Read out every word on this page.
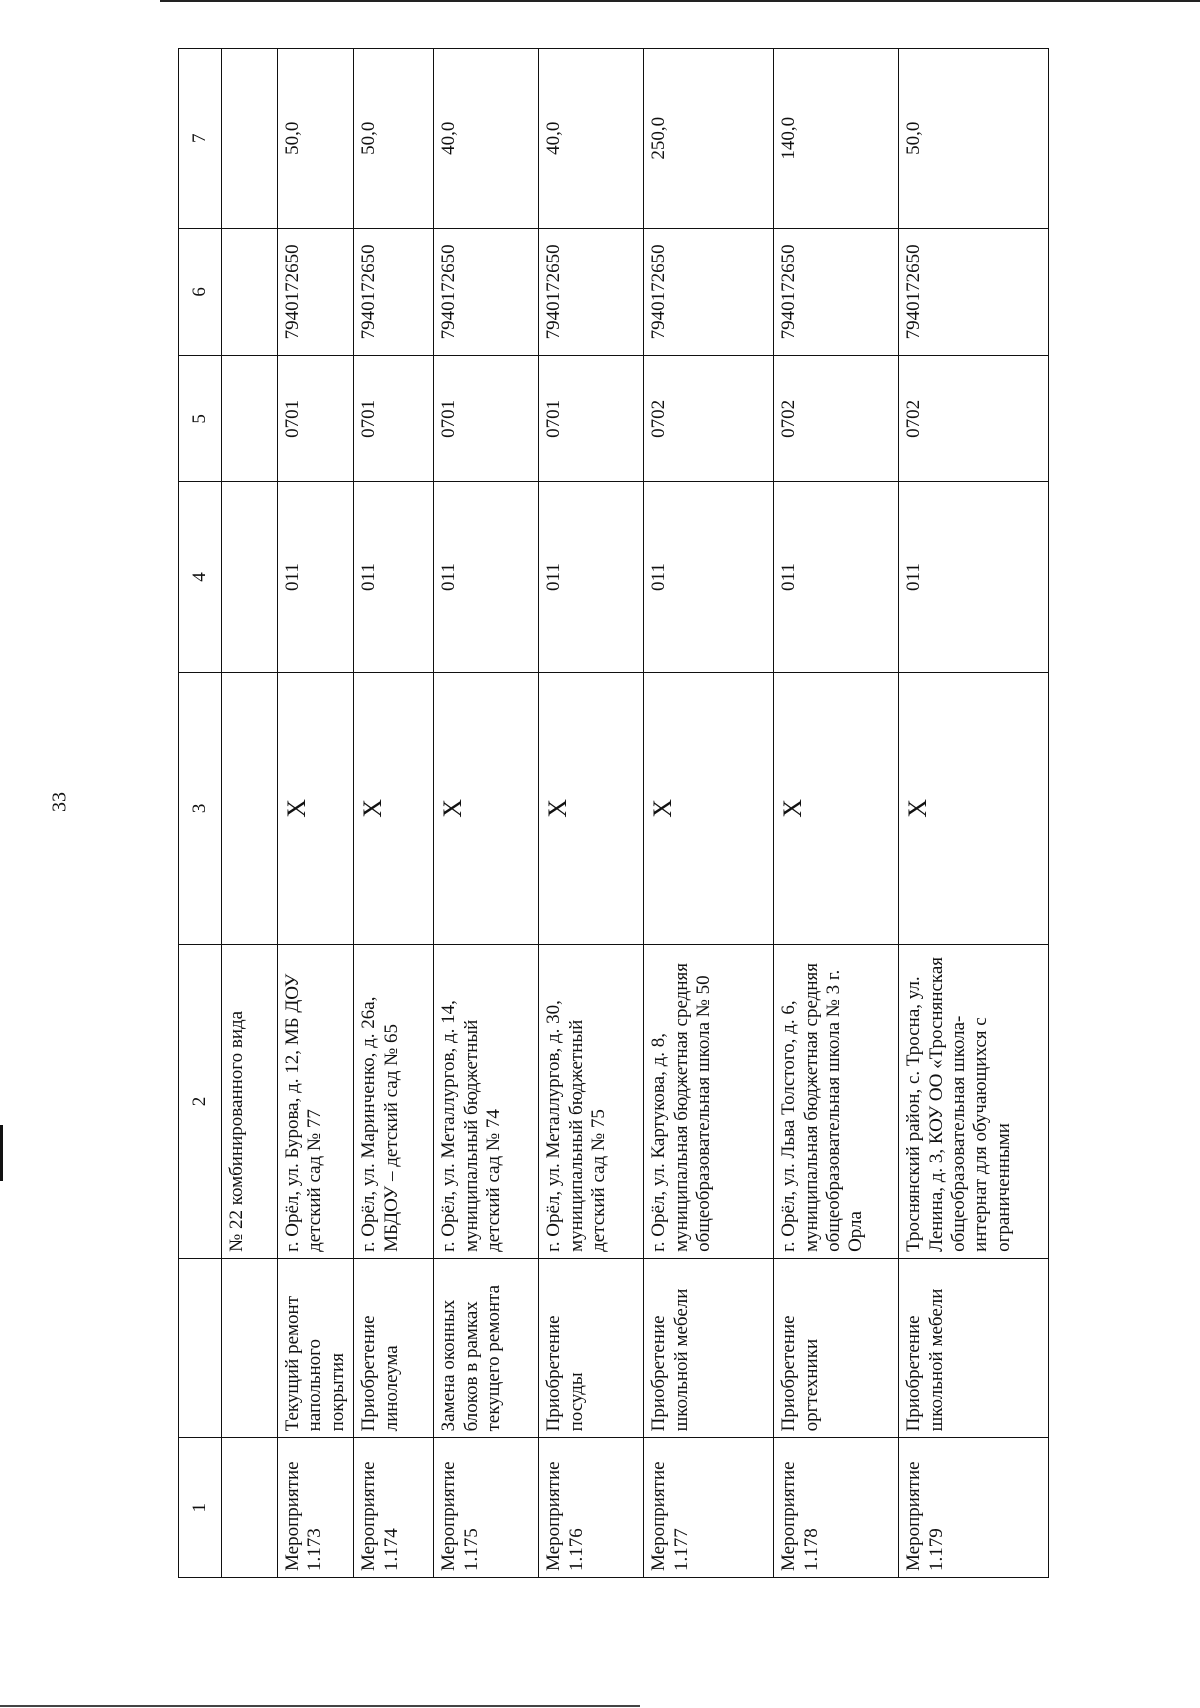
33
1		2	3	4	5	6	7
		№ 22 комбинированного вида					
Мероприятие 1.173	Текущий ремонт напольного покрытия	г. Орёл, ул. Бурова, д. 12, МБ ДОУ детский сад № 77	X	011	0701	7940172650	50,0
Мероприятие 1.174	Приобретение линолеума	г. Орёл, ул. Маринченко, д. 26а, МБДОУ – детский сад № 65	X	011	0701	7940172650	50,0
Мероприятие 1.175	Замена оконных блоков в рамках текущего ремонта	г. Орёл, ул. Металлургов, д. 14, муниципальный бюджетный детский сад № 74	X	011	0701	7940172650	40,0
Мероприятие 1.176	Приобретение посуды	г. Орёл, ул. Металлургов, д. 30, муниципальный бюджетный детский сад № 75	X	011	0701	7940172650	40,0
Мероприятие 1.177	Приобретение школьной мебели	г. Орёл, ул. Картукова, д. 8, муниципальная бюджетная средняя общеобразовательная школа № 50	X	011	0702	7940172650	250,0
Мероприятие 1.178	Приобретение оргтехники	г. Орёл, ул. Льва Толстого, д. 6, муниципальная бюджетная средняя общеобразовательная школа № 3 г. Орла	X	011	0702	7940172650	140,0
Мероприятие 1.179	Приобретение школьной мебели	Троснянский район, с. Тросна, ул. Ленина, д. 3, КОУ ОО «Троснянская общеобразовательная школа-интернат для обучающихся с ограниченными	X	011	0702	7940172650	50,0
